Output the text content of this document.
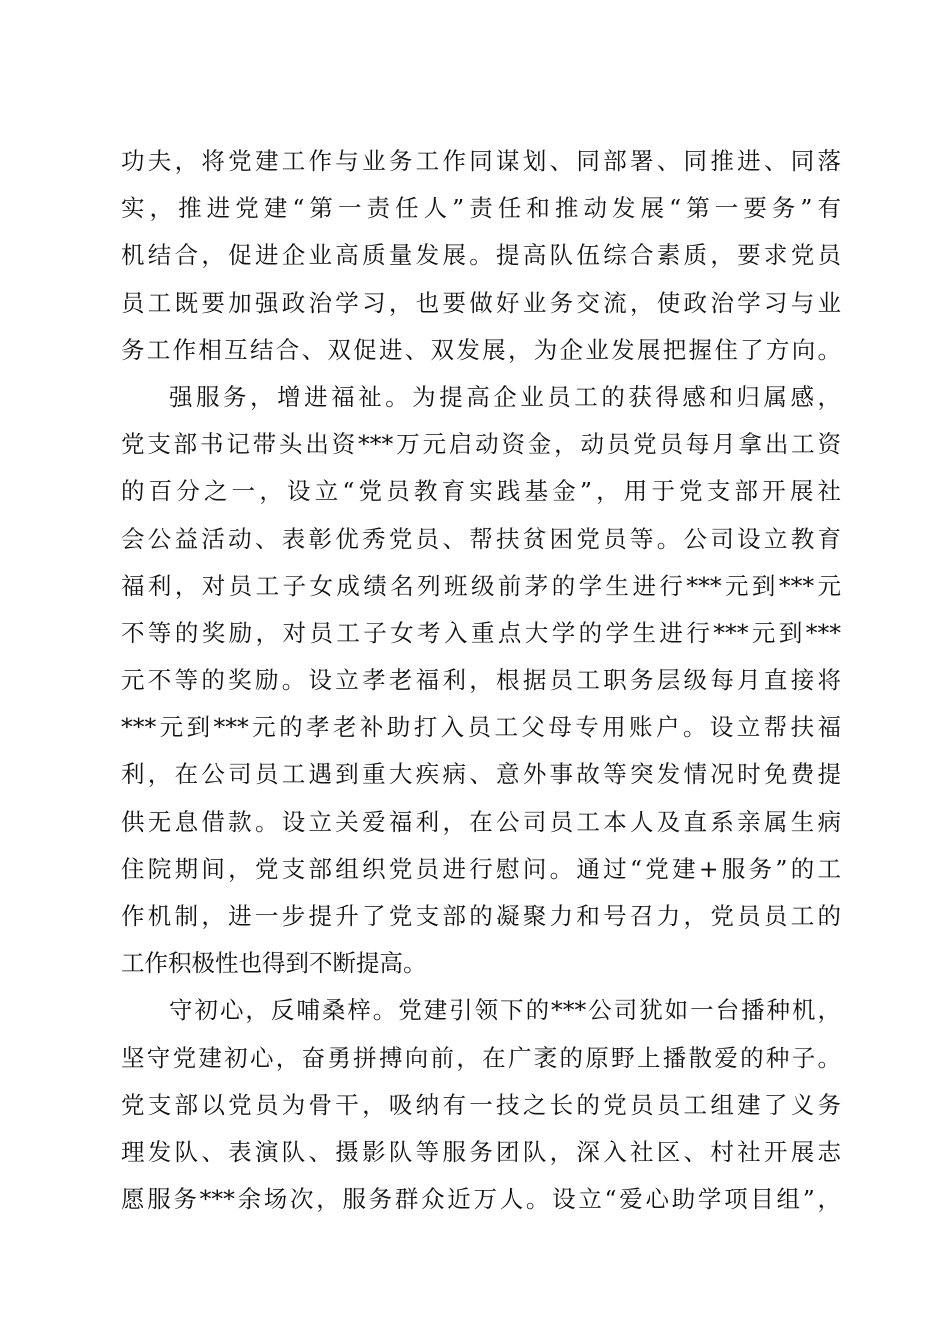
功夫，将党建工作与业务工作同谋划、同部署、同推进、同落
实，推进党建“第一责任人”责任和推动发展“第一要务”有
机结合，促进企业高质量发展。提高队伍综合素质，要求党员
员工既要加强政治学习，也要做好业务交流，使政治学习与业
务工作相互结合、双促进、双发展，为企业发展把握住了方向。
强服务，增进福祉。为提高企业员工的获得感和归属感，
党支部书记带头出资***万元启动资金，动员党员每月拿出工资
的百分之一，设立“党员教育实践基金”，用于党支部开展社
会公益活动、表彰优秀党员、帮扶贫困党员等。公司设立教育
福利，对员工子女成绩名列班级前茅的学生进行***元到***元
不等的奖励，对员工子女考入重点大学的学生进行***元到***
元不等的奖励。设立孝老福利，根据员工职务层级每月直接将
***元到***元的孝老补助打入员工父母专用账户。设立帮扶福
利，在公司员工遇到重大疾病、意外事故等突发情况时免费提
供无息借款。设立关爱福利，在公司员工本人及直系亲属生病
住院期间，党支部组织党员进行慰问。通过“党建+服务”的工
作机制，进一步提升了党支部的凝聚力和号召力，党员员工的
工作积极性也得到不断提高。
守初心，反哺桑梓。党建引领下的***公司犹如一台播种机，
坚守党建初心，奋勇拼搏向前，在广袤的原野上播散爱的种子。
党支部以党员为骨干，吸纳有一技之长的党员员工组建了义务
理发队、表演队、摄影队等服务团队，深入社区、村社开展志
愿服务***余场次，服务群众近万人。设立“爱心助学项目组”，
